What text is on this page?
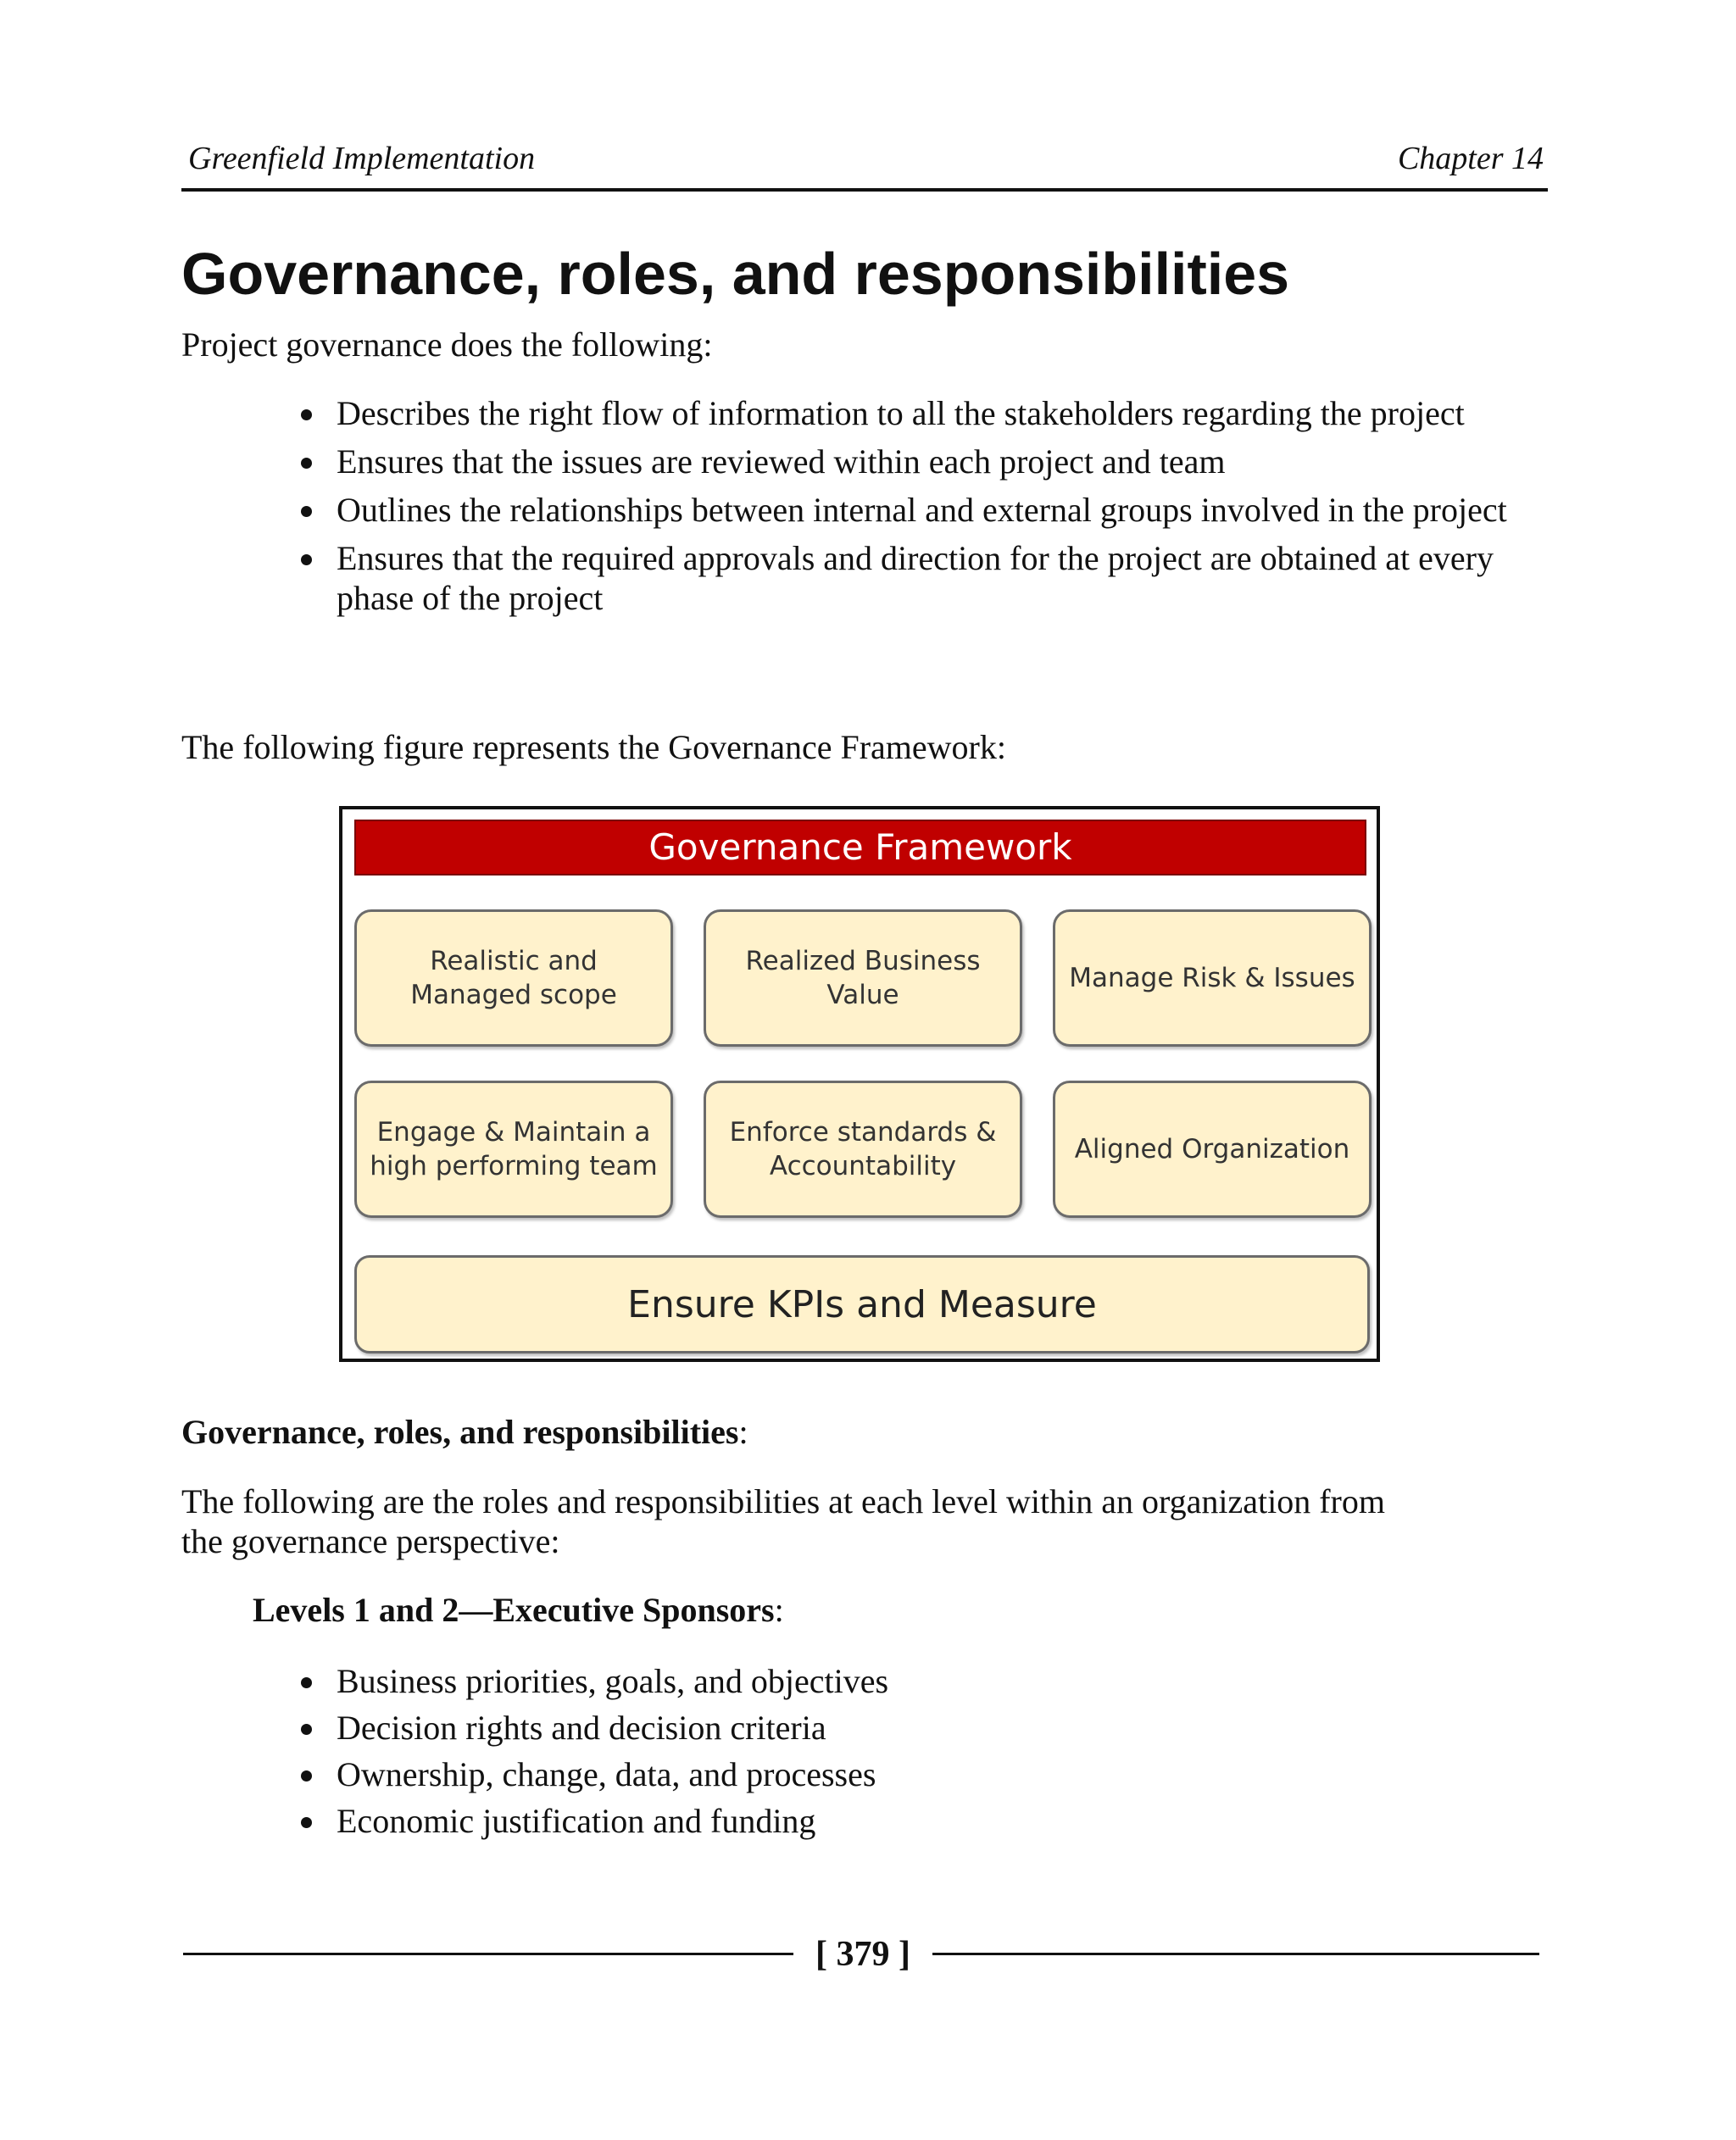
Greenfield Implementation	Chapter 14
Governance, roles, and responsibilities

Project governance does the following:

Describes the right flow of information to all the stakeholders regarding the project
Ensures that the issues are reviewed within each project and team
Outlines the relationships between internal and external groups involved in the project
Ensures that the required approvals and direction for the project are obtained at every phase of the project

The following figure represents the Governance Framework:

Governance Framework
Realistic and Managed scope
Realized Business Value
Manage Risk & Issues
Engage & Maintain a high performing team
Enforce standards & Accountability
Aligned Organization
Ensure KPIs and Measure

Governance, roles, and responsibilities:

The following are the roles and responsibilities at each level within an organization from
the governance perspective:

Levels 1 and 2—Executive Sponsors:

Business priorities, goals, and objectives
Decision rights and decision criteria
Ownership, change, data, and processes
Economic justification and funding
[ 379 ]
